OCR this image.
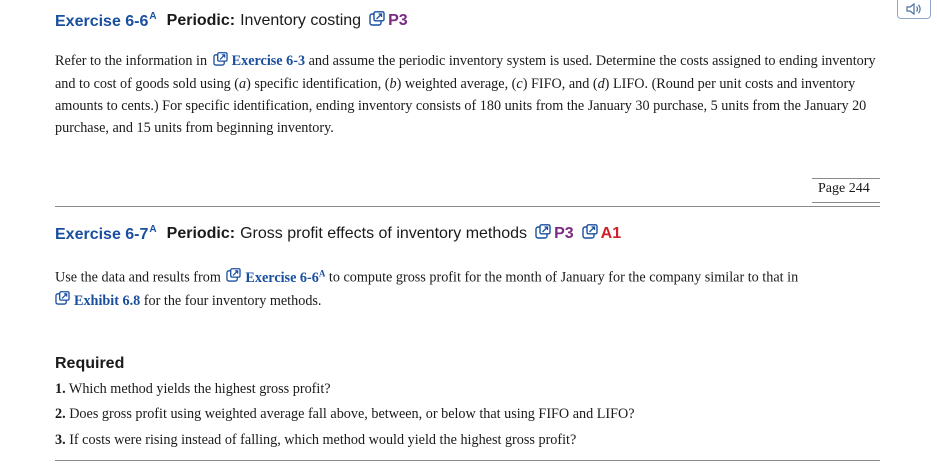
Exercise $6-6^A$ Periodic: Inventory costing P3
Refer to the information in Exercise 6-3 and assume the periodic inventory system is used. Determine the costs assigned to ending inventory and to cost of goods sold using (a) specific identification, (b) weighted average, (c) FIFO, and (d) LIFO. (Round per unit costs and inventory amounts to cents.) For specific identification, ending inventory consists of 180 units from the January 30 purchase, 5 units from the January 20 purchase, and 15 units from beginning inventory.
Page 244
Exercise $6-7^A$ Periodic: Gross profit effects of inventory methods P3 A1
Use the data and results from Exercise $6-6^A$ to compute gross profit for the month of January for the company similar to that in
Exhibit 6.8 for the four inventory methods.
Required
1. Which method yields the highest gross profit?
2. Does gross profit using weighted average fall above, between, or below that using FIFO and LIFO?
3. If costs were rising instead of falling, which method would yield the highest gross profit?
